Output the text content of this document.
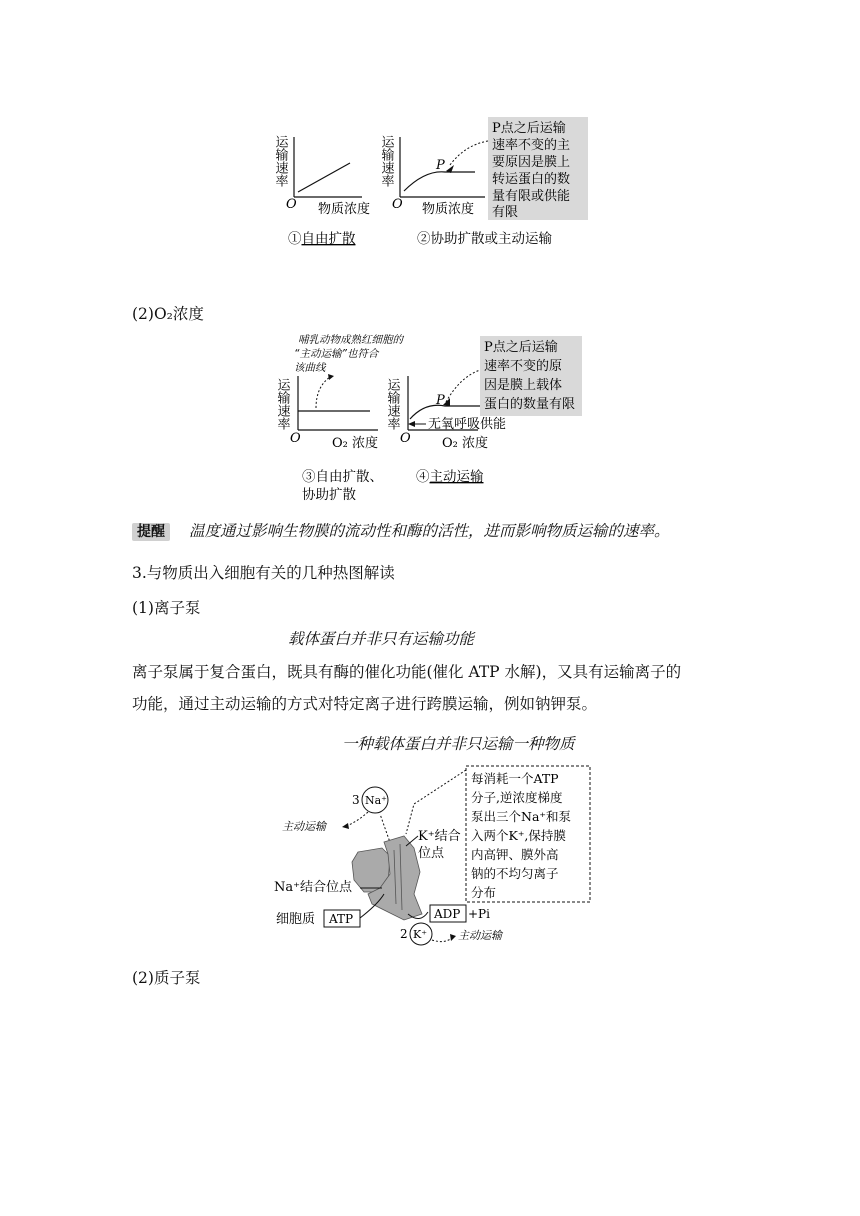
运输速率
O 物质浓度
运输速率
O
P
物质浓度
P点之后运输 速率不变的主 要原因是膜上 转运蛋白的数 量有限或供能 有限
①自由扩散	②协助扩散或主动运输
(2)O₂浓度
哺乳动物成熟红细胞的 “主动运输”也符合 该曲线
运输速率
O O₂ 浓度
运输速率
O
P
无氧呼吸供能
O₂ 浓度
P点之后运输 速率不变的原 因是膜上载体 蛋白的数量有限
③自由扩散、 协助扩散
④主动运输
提醒 温度通过影响生物膜的流动性和酶的活性，进而影响物质运输的速率。
3.与物质出入细胞有关的几种热图解读
(1)离子泵
载体蛋白并非只有运输功能
离子泵属于复合蛋白，既具有酶的催化功能(催化 ATP 水解)，又具有运输离子的
功能，通过主动运输的方式对特定离子进行跨膜运输，例如钠钾泵。
一种载体蛋白并非只运输一种物质
3 Na⁺
主动运输
K⁺结合 位点
Na⁺结合位点
细胞质 ATP	ADP +Pi
2 K⁺	主动运输
每消耗一个ATP 分子,逆浓度梯度 泵出三个Na⁺和泵 入两个K⁺,保持膜 内高钾、膜外高 钠的不均匀离子 分布
(2)质子泵
